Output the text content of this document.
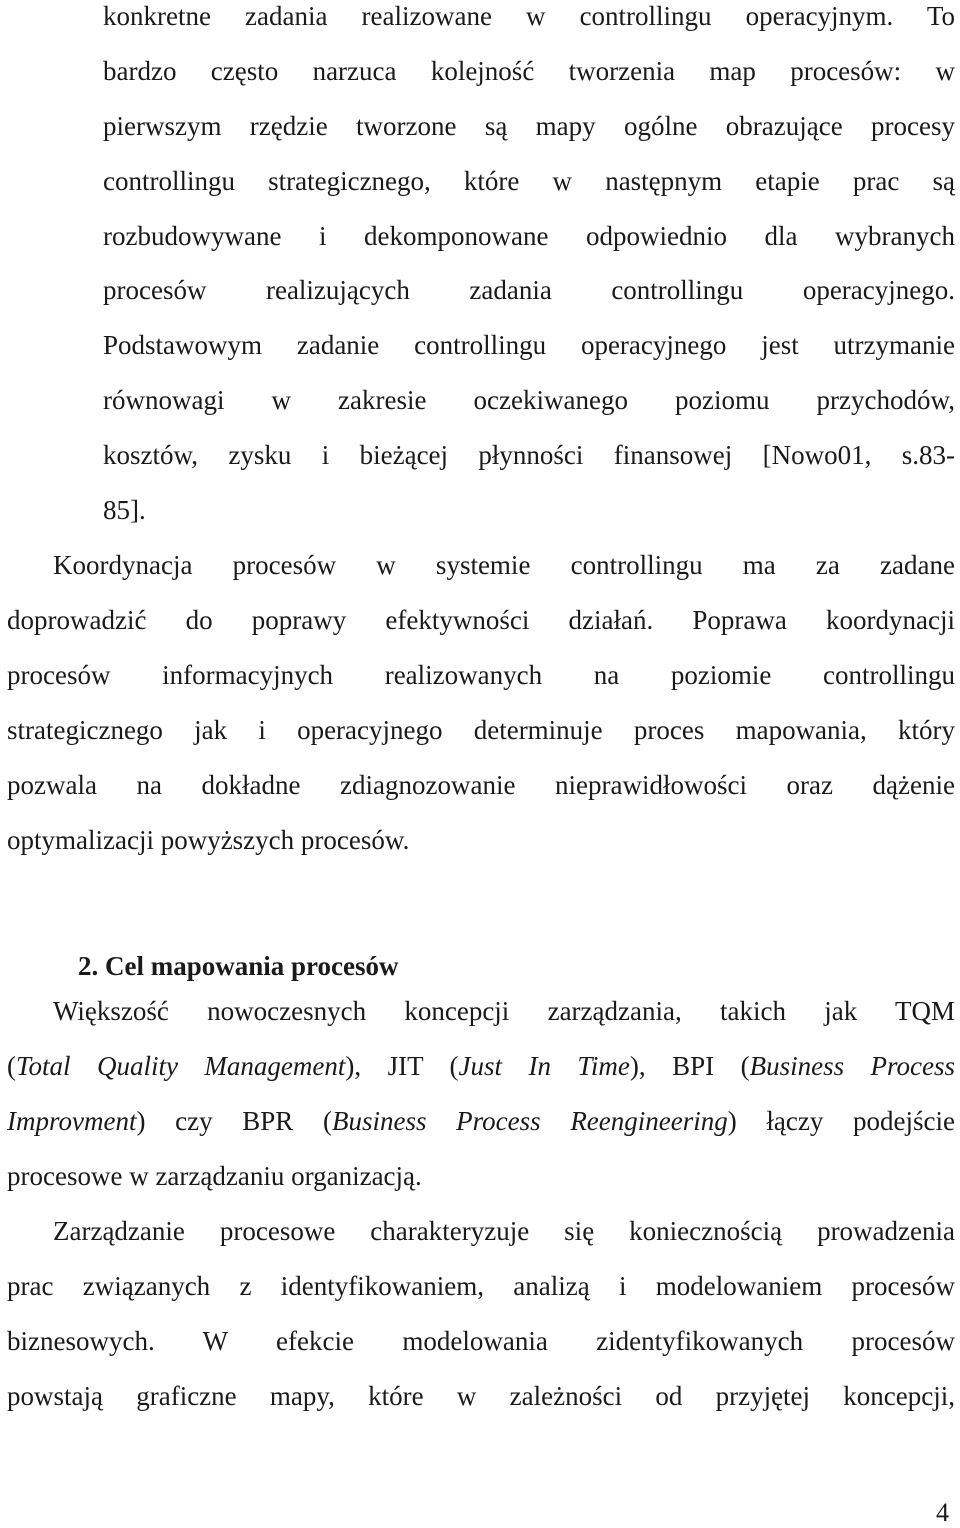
konkretne zadania realizowane w controllingu operacyjnym. To

bardzo często narzuca kolejność tworzenia map procesów: w

pierwszym rzędzie tworzone są mapy ogólne obrazujące procesy

controllingu strategicznego, które w następnym etapie prac są

rozbudowywane i dekomponowane odpowiednio dla wybranych

procesów realizujących zadania controllingu operacyjnego.

Podstawowym zadanie controllingu operacyjnego jest utrzymanie

równowagi w zakresie oczekiwanego poziomu przychodów,

kosztów, zysku i bieżącej płynności finansowej [Nowo01, s.83-

85].

Koordynacja procesów w systemie controllingu ma za zadane

doprowadzić do poprawy efektywności działań. Poprawa koordynacji

procesów informacyjnych realizowanych na poziomie controllingu

strategicznego jak i operacyjnego determinuje proces mapowania, który

pozwala na dokładne zdiagnozowanie nieprawidłowości oraz dążenie

optymalizacji powyższych procesów.

2. Cel mapowania procesów

Większość nowoczesnych koncepcji zarządzania, takich jak TQM

(Total Quality Management), JIT (Just In Time), BPI (Business Process

Improvment) czy BPR (Business Process Reengineering) łączy podejście

procesowe w zarządzaniu organizacją.

Zarządzanie procesowe charakteryzuje się koniecznością prowadzenia

prac związanych z identyfikowaniem, analizą i modelowaniem procesów

biznesowych. W efekcie modelowania zidentyfikowanych procesów

powstają graficzne mapy, które w zależności od przyjętej koncepcji,

4
